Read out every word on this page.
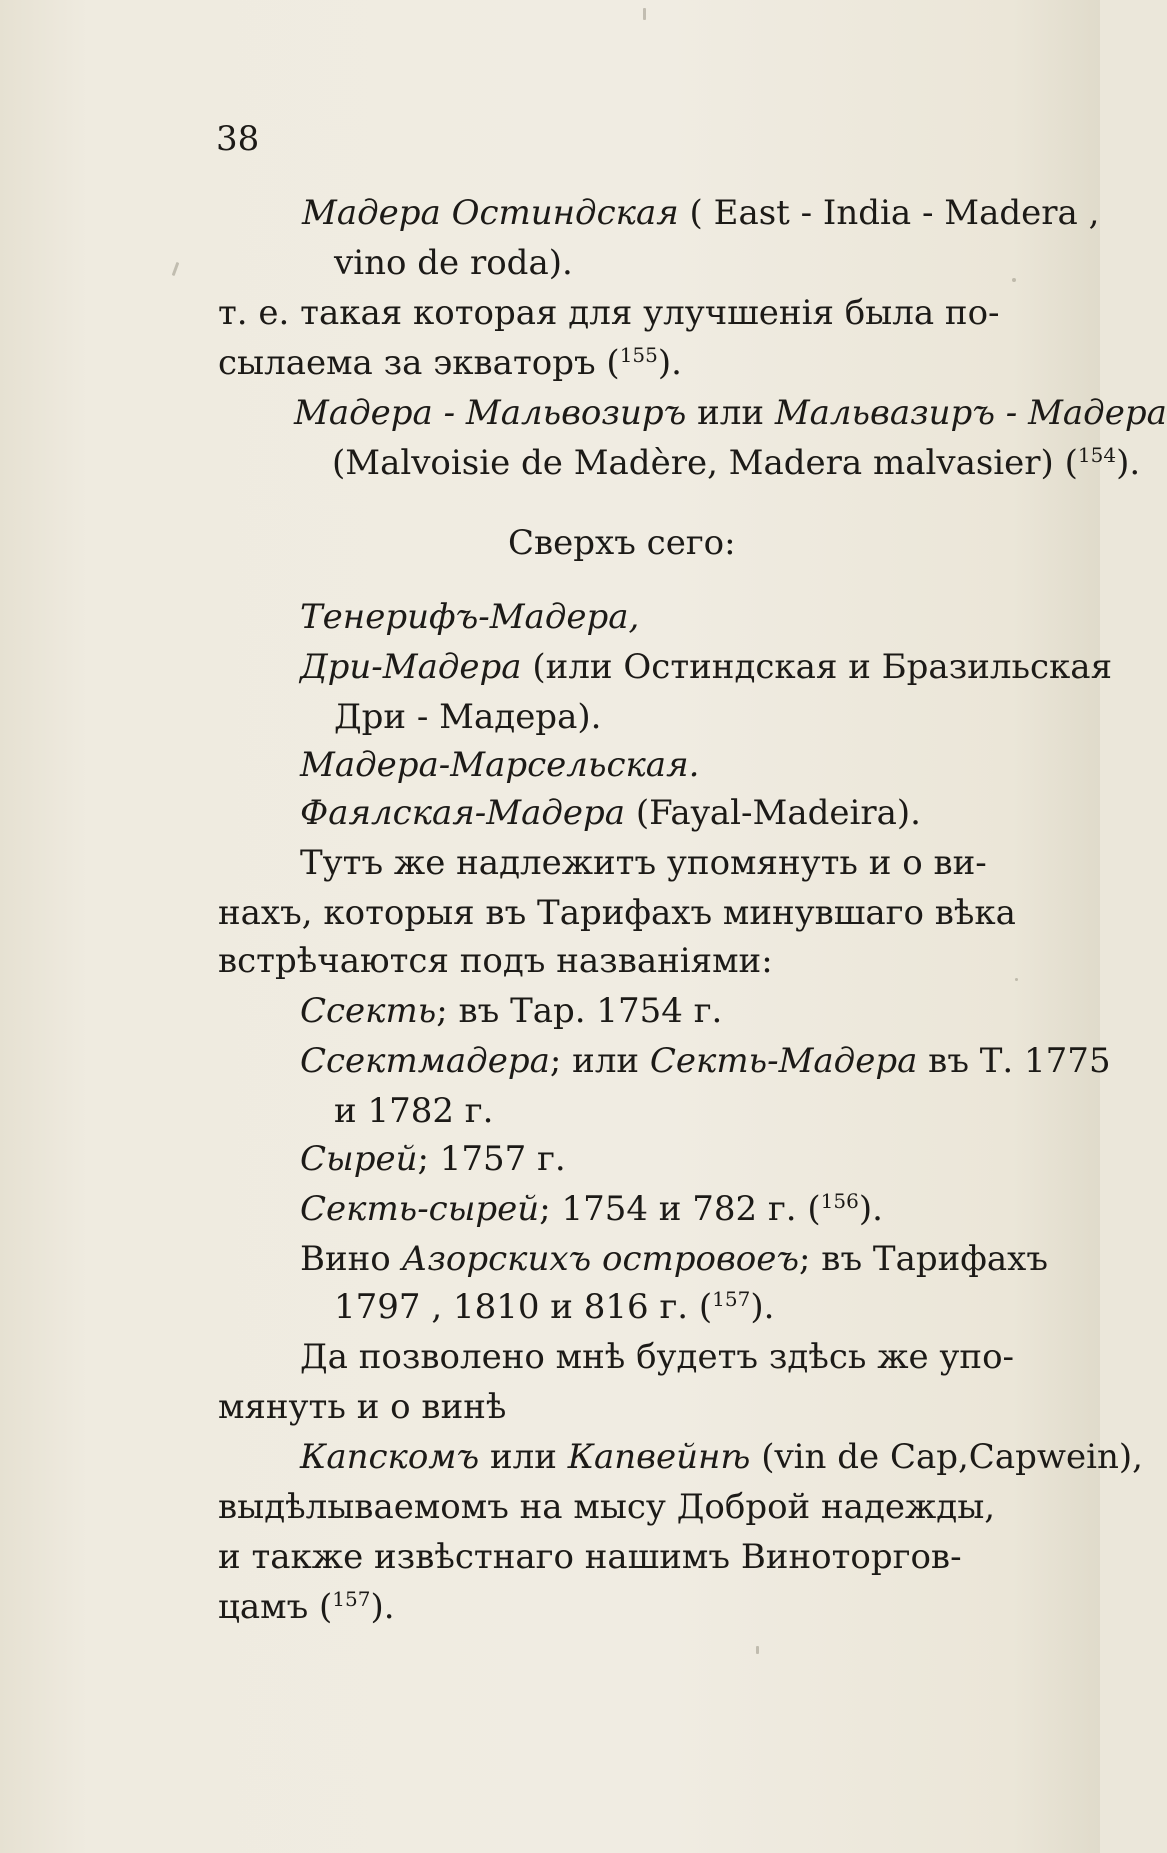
38
Мадера Остиндская ( East - India - Madera ,
vino de roda).
т. е. такая которая для улучшенія была по-
сылаема за экваторъ ($^{155}$).
Мадера - Мальвозиръ или Мальвазиръ - Мадера
(Malvoisie de Madère, Madera malvasier) ($^{154}$).
Сверхъ сего:
Тенерифъ-Мадера,
Дри-Мадера (или Остиндская и Бразильская
Дри - Мадера).
Мадера-Марсельская.
Фаялская-Мадера (Fayal-Madeira).
Тутъ же надлежитъ упомянуть и о ви-
нахъ, которыя въ Тарифахъ минувшаго вѣка
встрѣчаются подъ названіями:
Ссекть; въ Тар. 1754 г.
Ссектмадера; или Секть-Мадера въ Т. 1775
и 1782 г.
Сырей; 1757 г.
Секть-сырей; 1754 и 782 г. ($^{156}$).
Вино Азорскихъ островоеъ; въ Тарифахъ
1797 , 1810 и 816 г. ($^{157}$).
Да позволено мнѣ будетъ здѣсь же упо-
мянуть и о винѣ
Капскомъ или Капвейнѣ (vin de Cap,Capwein),
выдѣлываемомъ на мысу Доброй надежды,
и также извѣстнаго нашимъ Виноторгов-
цамъ ($^{157}$).
